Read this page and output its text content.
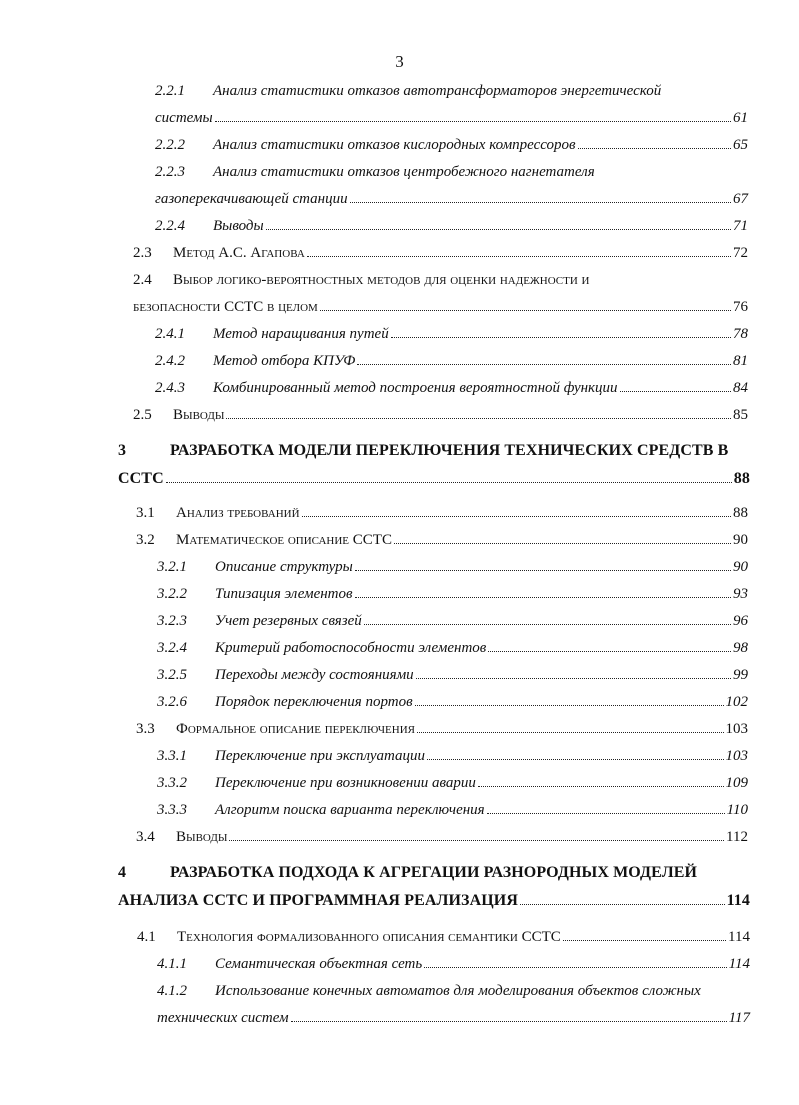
3
2.2.1 Анализ статистики отказов автотрансформаторов энергетической
системы	61
2.2.2	Анализ статистики отказов кислородных компрессоров	65
2.2.3 Анализ статистики отказов центробежного нагнетателя
газоперекачивающей станции	67
2.2.4	Выводы	71
2.3	Метод А.С. Агапова	72
2.4 Выбор логико-вероятностных методов для оценки надежности и
безопасности ССТС в целом	76
2.4.1	Метод наращивания путей	78
2.4.2	Метод отбора КПУФ	81
2.4.3	Комбинированный метод построения вероятностной функции	84
2.5	Выводы	85
3	РАЗРАБОТКА МОДЕЛИ ПЕРЕКЛЮЧЕНИЯ ТЕХНИЧЕСКИХ СРЕДСТВ В
ССТС	88
3.1	Анализ требований	88
3.2	Математическое описание ССТС	90
3.2.1	Описание структуры	90
3.2.2	Типизация элементов	93
3.2.3	Учет резервных связей	96
3.2.4	Критерий работоспособности элементов	98
3.2.5	Переходы между состояниями	99
3.2.6	Порядок переключения портов	102
3.3	Формальное описание переключения	103
3.3.1	Переключение при эксплуатации	103
3.3.2	Переключение при возникновении аварии	109
3.3.3	Алгоритм поиска варианта переключения	110
3.4	Выводы	112
4	РАЗРАБОТКА ПОДХОДА К АГРЕГАЦИИ РАЗНОРОДНЫХ МОДЕЛЕЙ
АНАЛИЗА ССТС И ПРОГРАММНАЯ РЕАЛИЗАЦИЯ	114
4.1	Технология формализованного описания семантики ССТС	114
4.1.1	Семантическая объектная сеть	114
4.1.2 Использование конечных автоматов для моделирования объектов сложных
технических систем	117
